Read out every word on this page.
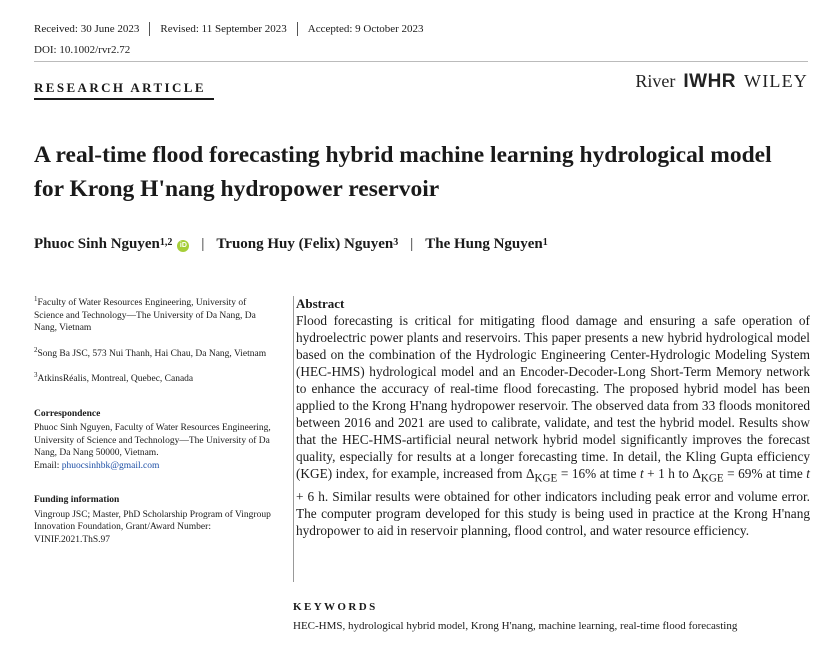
Received: 30 June 2023 Revised: 11 September 2023 Accepted: 9 October 2023
DOI: 10.1002/rvr2.72
RESEARCH ARTICLE	River IWHR WILEY
A real-time flood forecasting hybrid machine learning hydrological model for Krong H'nang hydropower reservoir
Phuoc Sinh Nguyen$^{1,2}$	iD | Truong Huy (Felix) Nguyen$^3$ | The Hung Nguyen$^1$
$^1$Faculty of Water Resources Engineering, University of Science and Technology—The University of Da Nang, Da Nang, Vietnam
$^2$Song Ba JSC, 573 Nui Thanh, Hai Chau, Da Nang, Vietnam
$^3$AtkinsRéalis, Montreal, Quebec, Canada
Correspondence

Phuoc Sinh Nguyen, Faculty of Water Resources Engineering, University of Science and Technology—The University of Da Nang, Da Nang 50000, Vietnam.

Email: phuocsinhbk@gmail.com

Funding information

Vingroup JSC; Master, PhD Scholarship Program of Vingroup Innovation Foundation, Grant/Award Number: VINIF.2021.ThS.97

Abstract

Flood forecasting is critical for mitigating flood damage and ensuring a safe operation of hydroelectric power plants and reservoirs. This paper presents a new hybrid hydrological model based on the combination of the Hydrologic Engineering Center-Hydrologic Modeling System (HEC-HMS) hydrological model and an Encoder-Decoder-Long Short-Term Memory network to enhance the accuracy of real-time flood forecasting. The proposed hybrid model has been applied to the Krong H'nang hydropower reservoir. The observed data from 33 floods monitored between 2016 and 2021 are used to calibrate, validate, and test the hybrid model. Results show that the HEC-HMS-artificial neural network hybrid model significantly improves the forecast quality, especially for results at a longer forecasting time. In detail, the Kling Gupta efficiency (KGE) index, for example, increased from $\Delta_{KGE} = 16\%$ at time t + 1 h to $\Delta_{KGE} = 69\%$ at time t + 6 h. Similar results were obtained for other indicators including peak error and volume error. The computer program developed for this study is being used in practice at the Krong H'nang hydropower to aid in reservoir planning, flood control, and water resource efficiency.

KEYWORDS
HEC-HMS, hydrological hybrid model, Krong H'nang, machine learning, real-time flood forecasting
